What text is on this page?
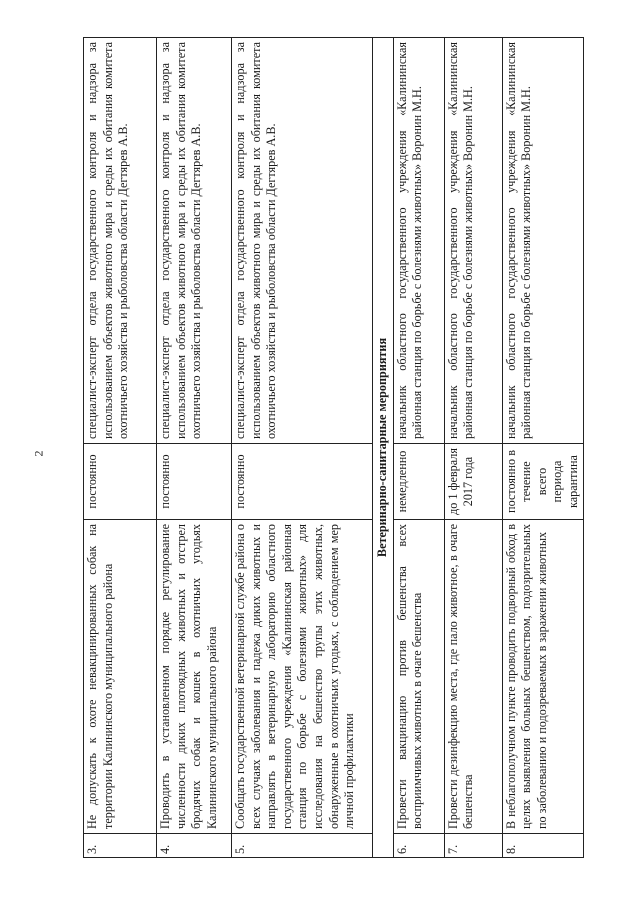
2
3.	Не допускать к охоте невакцинированных собак на территории Калининского муниципального района	постоянно	специалист-эксперт отдела государственного контроля и надзора за использованием объектов животного мира и среды их обитания комитета охотничьего хозяйства и рыболовства области Дегтярев А.В.
4.	Проводить в установленном порядке регулирование численности диких плотоядных животных и отстрел бродячих собак и кошек в охотничьих угодьях Калининского муниципального района	постоянно	специалист-эксперт отдела государственного контроля и надзора за использованием объектов животного мира и среды их обитания комитета охотничьего хозяйства и рыболовства области Дегтярев А.В.
5.	Сообщать государственной ветеринарной службе района о всех случаях заболевания и падежа диких животных и направлять в ветеринарную лабораторию областного государственного учреждения «Калининская районная станция по борьбе с болезнями животных» для исследования на бешенство трупы этих животных, обнаруженные в охотничьих угодьях, с соблюдением мер личной профилактики	постоянно	специалист-эксперт отдела государственного контроля и надзора за использованием объектов животного мира и среды их обитания комитета охотничьего хозяйства и рыболовства области Дегтярев А.В.
Ветеринарно-санитарные мероприятия			
6.	Провести вакцинацию против бешенства всех восприимчивых животных в очаге бешенства	немедленно	начальник областного государственного учреждения «Калининская районная станция по борьбе с болезнями животных» Воронин М.Н.
7.	Провести дезинфекцию места, где пало животное, в очаге бешенства	до 1 февраля 2017 года	начальник областного государственного учреждения «Калининская районная станция по борьбе с болезнями животных» Воронин М.Н.
8.	В неблагополучном пункте проводить подворный обход в целях выявления больных бешенством, подозрительных по заболеванию и подозреваемых в заражении животных	постоянно в течение всего периода карантина	начальник областного государственного учреждения «Калининская районная станция по борьбе с болезнями животных» Воронин М.Н.
